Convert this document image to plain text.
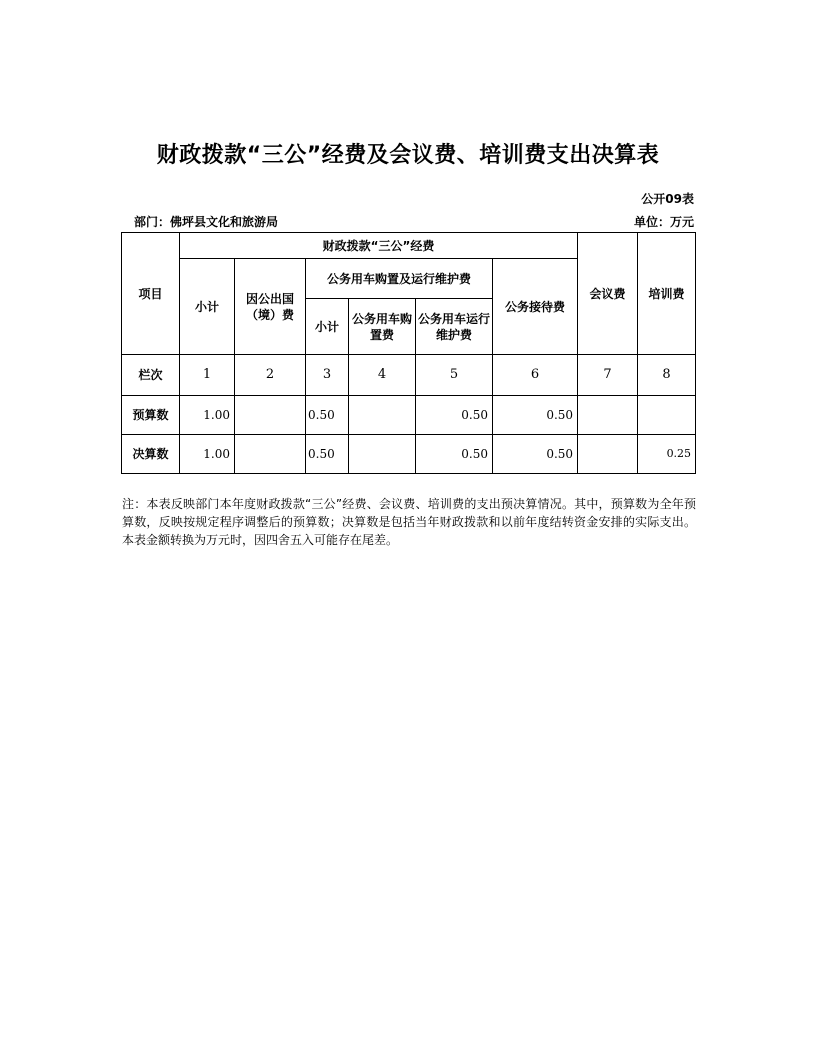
财政拨款“三公”经费及会议费、培训费支出决算表
公开09表
部门：佛坪县文化和旅游局	单位：万元
项目	财政拨款“三公”经费						会议费	培训费
	小计	因公出国（境）费	公务用车购置及运行维护费			公务接待费		
			小计	公务用车购置费	公务用车运行维护费			

栏次	1	2	3	4	5	6	7	8
预算数	1.00		0.50		0.50	0.50		
决算数	1.00		0.50		0.50	0.50		0.25
注：本表反映部门本年度财政拨款“三公”经费、会议费、培训费的支出预决算情况。其中，预算数为全年预算数，反映按规定程序调整后的预算数；决算数是包括当年财政拨款和以前年度结转资金安排的实际支出。本表金额转换为万元时，因四舍五入可能存在尾差。
